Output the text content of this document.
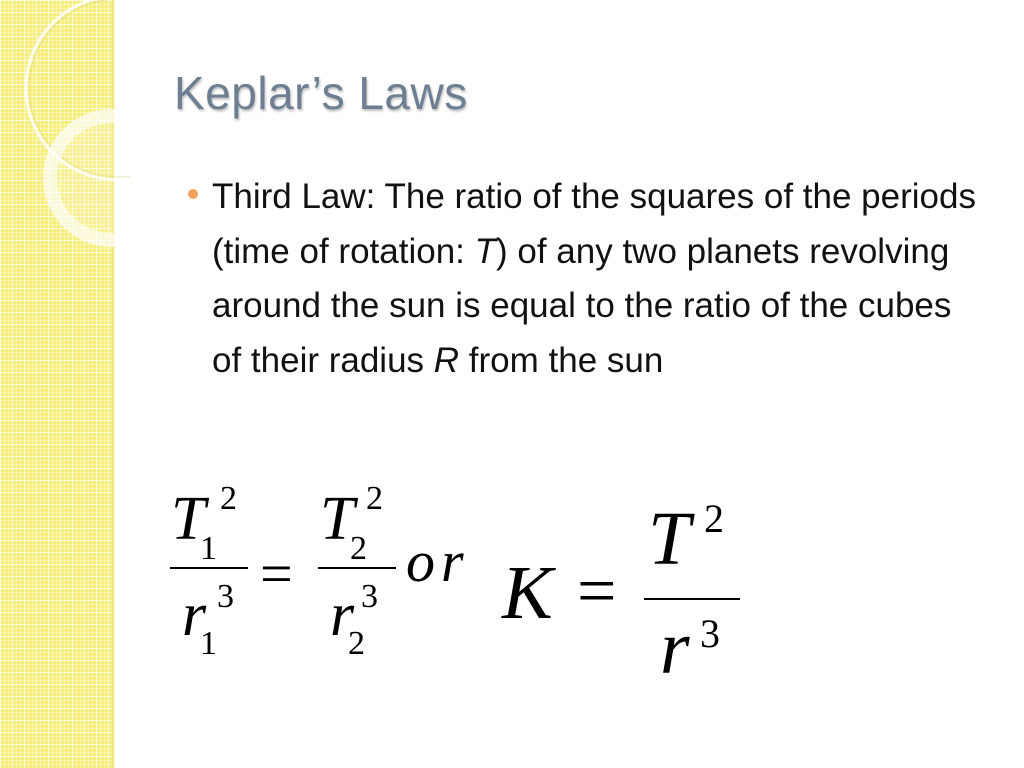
Keplar’s Laws

Third Law: The ratio of the squares of the periods (time of rotation: T) of any two planets revolving around the sun is equal to the ratio of the cubes of their radius R from the sun

T
1
2
r
1
3 =
T
2
2
r
2
3
or K =
T 2
r 3
